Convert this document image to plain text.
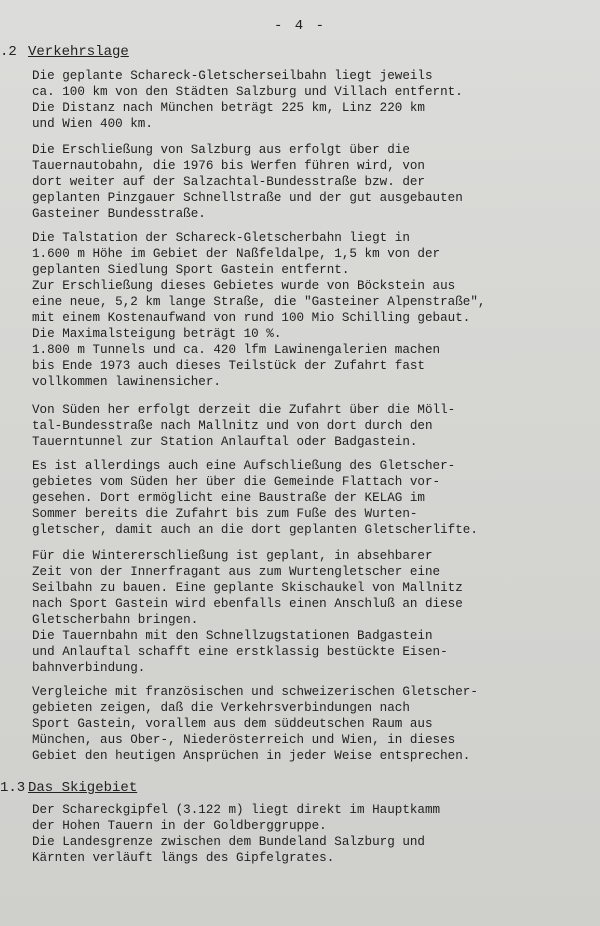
- 4 -
.2 Verkehrslage
Die geplante Schareck-Gletscherseilbahn liegt jeweils
ca. 100 km von den Städten Salzburg und Villach entfernt.
Die Distanz nach München beträgt 225 km, Linz 220 km
und Wien 400 km.
Die Erschließung von Salzburg aus erfolgt über die
Tauernautobahn, die 1976 bis Werfen führen wird, von
dort weiter auf der Salzachtal-Bundesstraße bzw. der
geplanten Pinzgauer Schnellstraße und der gut ausgebauten
Gasteiner Bundesstraße.
Die Talstation der Schareck-Gletscherbahn liegt in
1.600 m Höhe im Gebiet der Naßfeldalpe, 1,5 km von der
geplanten Siedlung Sport Gastein entfernt.
Zur Erschließung dieses Gebietes wurde von Böckstein aus
eine neue, 5,2 km lange Straße, die "Gasteiner Alpenstraße",
mit einem Kostenaufwand von rund 100 Mio Schilling gebaut.
Die Maximalsteigung beträgt 10 %.
1.800 m Tunnels und ca. 420 lfm Lawinengalerien machen
bis Ende 1973 auch dieses Teilstück der Zufahrt fast
vollkommen lawinensicher.
Von Süden her erfolgt derzeit die Zufahrt über die Möll-
tal-Bundesstraße nach Mallnitz und von dort durch den
Tauerntunnel zur Station Anlauftal oder Badgastein.
Es ist allerdings auch eine Aufschließung des Gletscher-
gebietes vom Süden her über die Gemeinde Flattach vor-
gesehen. Dort ermöglicht eine Baustraße der KELAG im
Sommer bereits die Zufahrt bis zum Fuße des Wurten-
gletscher, damit auch an die dort geplanten Gletscherlifte.
Für die Wintererschließung ist geplant, in absehbarer
Zeit von der Innerfragant aus zum Wurtengletscher eine
Seilbahn zu bauen. Eine geplante Skischaukel von Mallnitz
nach Sport Gastein wird ebenfalls einen Anschluß an diese
Gletscherbahn bringen.
Die Tauernbahn mit den Schnellzugstationen Badgastein
und Anlauftal schafft eine erstklassig bestückte Eisen-
bahnverbindung.
Vergleiche mit französischen und schweizerischen Gletscher-
gebieten zeigen, daß die Verkehrsverbindungen nach
Sport Gastein, vorallem aus dem süddeutschen Raum aus
München, aus Ober-, Niederösterreich und Wien, in dieses
Gebiet den heutigen Ansprüchen in jeder Weise entsprechen.
1.3 Das Skigebiet
Der Schareckgipfel (3.122 m) liegt direkt im Hauptkamm
der Hohen Tauern in der Goldberggruppe.
Die Landesgrenze zwischen dem Bundeland Salzburg und
Kärnten verläuft längs des Gipfelgrates.
